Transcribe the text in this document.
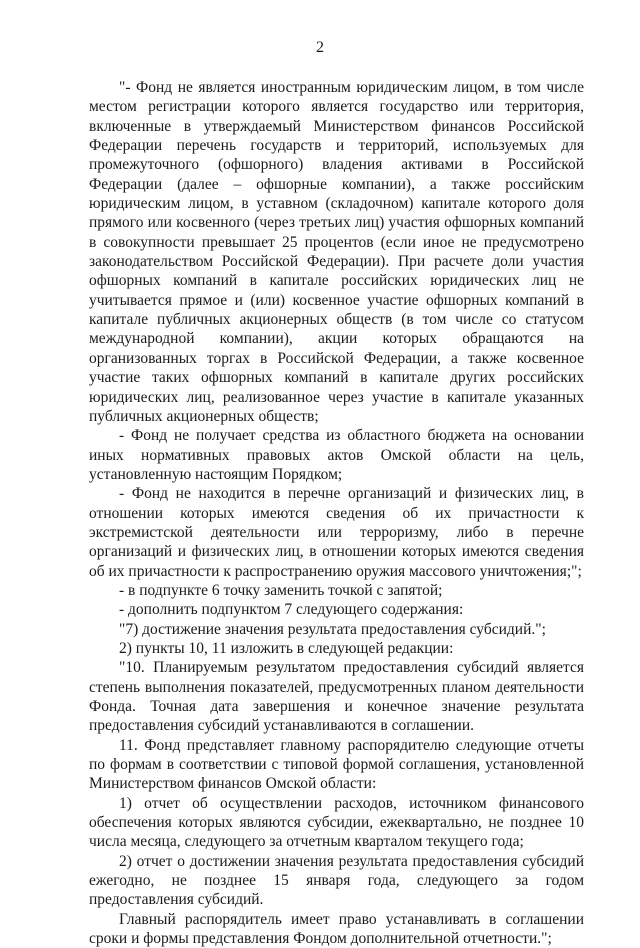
2

"- Фонд не является иностранным юридическим лицом, в том числе местом регистрации которого является государство или территория, включенные в утверждаемый Министерством финансов Российской Федерации перечень государств и территорий, используемых для промежуточного (офшорного) владения активами в Российской Федерации (далее – офшорные компании), а также российским юридическим лицом, в уставном (складочном) капитале которого доля прямого или косвенного (через третьих лиц) участия офшорных компаний в совокупности превышает 25 процентов (если иное не предусмотрено законодательством Российской Федерации). При расчете доли участия офшорных компаний в капитале российских юридических лиц не учитывается прямое и (или) косвенное участие офшорных компаний в капитале публичных акционерных обществ (в том числе со статусом международной компании), акции которых обращаются на организованных торгах в Российской Федерации, а также косвенное участие таких офшорных компаний в капитале других российских юридических лиц, реализованное через участие в капитале указанных публичных акционерных обществ;

- Фонд не получает средства из областного бюджета на основании иных нормативных правовых актов Омской области на цель, установленную настоящим Порядком;

- Фонд не находится в перечне организаций и физических лиц, в отношении которых имеются сведения об их причастности к экстремистской деятельности или терроризму, либо в перечне организаций и физических лиц, в отношении которых имеются сведения об их причастности к распространению оружия массового уничтожения;";

- в подпункте 6 точку заменить точкой с запятой;

- дополнить подпунктом 7 следующего содержания:

"7) достижение значения результата предоставления субсидий.";

2) пункты 10, 11 изложить в следующей редакции:

"10. Планируемым результатом предоставления субсидий является степень выполнения показателей, предусмотренных планом деятельности Фонда. Точная дата завершения и конечное значение результата предоставления субсидий устанавливаются в соглашении.

11. Фонд представляет главному распорядителю следующие отчеты по формам в соответствии с типовой формой соглашения, установленной Министерством финансов Омской области:

1) отчет об осуществлении расходов, источником финансового обеспечения которых являются субсидии, ежеквартально, не позднее 10 числа месяца, следующего за отчетным кварталом текущего года;

2) отчет о достижении значения результата предоставления субсидий ежегодно, не позднее 15 января года, следующего за годом предоставления субсидий.

Главный распорядитель имеет право устанавливать в соглашении сроки и формы представления Фондом дополнительной отчетности.";
